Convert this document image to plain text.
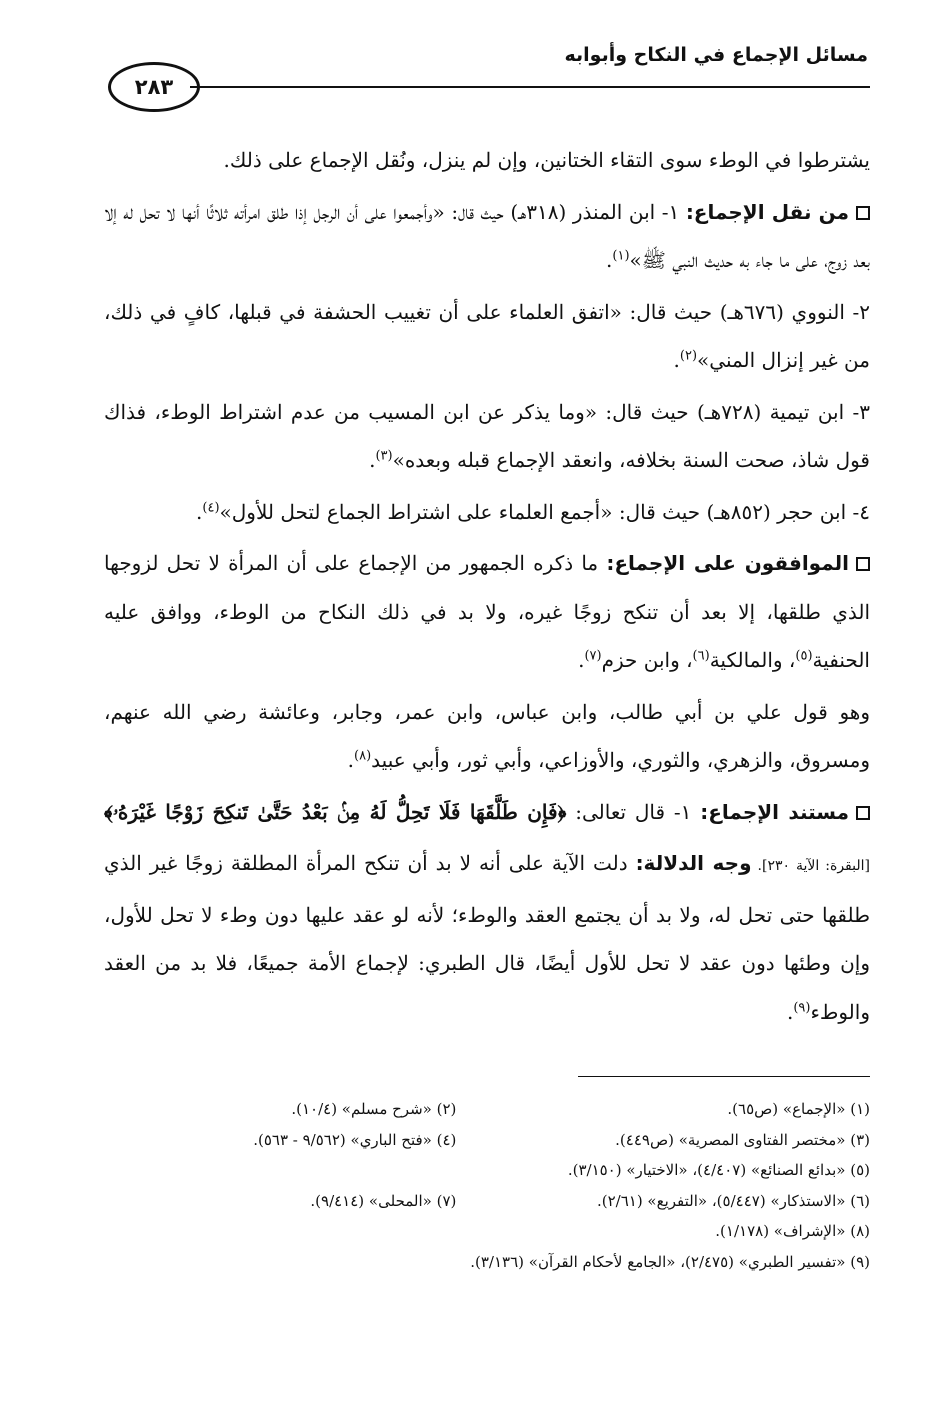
مسائل الإجماع في النكاح وأبوابه
٢٨٣

يشترطوا في الوطء سوى التقاء الختانين، وإن لم ينزل، ونُقل الإجماع على ذلك.

من نقل الإجماع: ١- ابن المنذر (٣١٨هـ) حيث قال: «وأجمعوا على أن الرجل إذا طلق امرأته ثلاثًا أنها لا تحل له إلا بعد زوج، على ما جاء به حديث النبي ﷺ»$^{(١)}$.

٢- النووي (٦٧٦هـ) حيث قال: «اتفق العلماء على أن تغييب الحشفة في قبلها، كافٍ في ذلك، من غير إنزال المني»$^{(٢)}$.

٣- ابن تيمية (٧٢٨هـ) حيث قال: «وما يذكر عن ابن المسيب من عدم اشتراط الوطء، فذاك قول شاذ، صحت السنة بخلافه، وانعقد الإجماع قبله وبعده»$^{(٣)}$.

٤- ابن حجر (٨٥٢هـ) حيث قال: «أجمع العلماء على اشتراط الجماع لتحل للأول»$^{(٤)}$.

الموافقون على الإجماع: ما ذكره الجمهور من الإجماع على أن المرأة لا تحل لزوجها الذي طلقها، إلا بعد أن تنكح زوجًا غيره، ولا بد في ذلك النكاح من الوطء، ووافق عليه الحنفية$^{(٥)}$، والمالكية$^{(٦)}$، وابن حزم$^{(٧)}$.

وهو قول علي بن أبي طالب، وابن عباس، وابن عمر، وجابر، وعائشة رضي الله عنهم، ومسروق، والزهري، والثوري، والأوزاعي، وأبي ثور، وأبي عبيد$^{(٨)}$.

مستند الإجماع: ١- قال تعالى: ﴿فَإِن طَلَّقَهَا فَلَا تَحِلُّ لَهُ مِنۢ بَعْدُ حَتَّىٰ تَنكِحَ زَوْجًا غَيْرَهُۥ﴾ [البقرة: الآية ٢٣٠]. وجه الدلالة: دلت الآية على أنه لا بد أن تنكح المرأة المطلقة زوجًا غير الذي طلقها حتى تحل له، ولا بد أن يجتمع العقد والوطء؛ لأنه لو عقد عليها دون وطء لا تحل للأول، وإن وطئها دون عقد لا تحل للأول أيضًا، قال الطبري: لإجماع الأمة جميعًا، فلا بد من العقد والوطء$^{(٩)}$.

(١) «الإجماع» (ص٦٥).
(٢) «شرح مسلم» (١٠/٤).
(٣) «مختصر الفتاوى المصرية» (ص٤٤٩).
(٤) «فتح الباري» (٩/٥٦٢ - ٥٦٣).
(٥) «بدائع الصنائع» (٤/٤٠٧)، «الاختيار» (٣/١٥٠).
(٦) «الاستذكار» (٥/٤٤٧)، «التفريع» (٢/٦١).
(٧) «المحلى» (٩/٤١٤).
(٨) «الإشراف» (١/١٧٨).
(٩) «تفسير الطبري» (٢/٤٧٥)، «الجامع لأحكام القرآن» (٣/١٣٦).
